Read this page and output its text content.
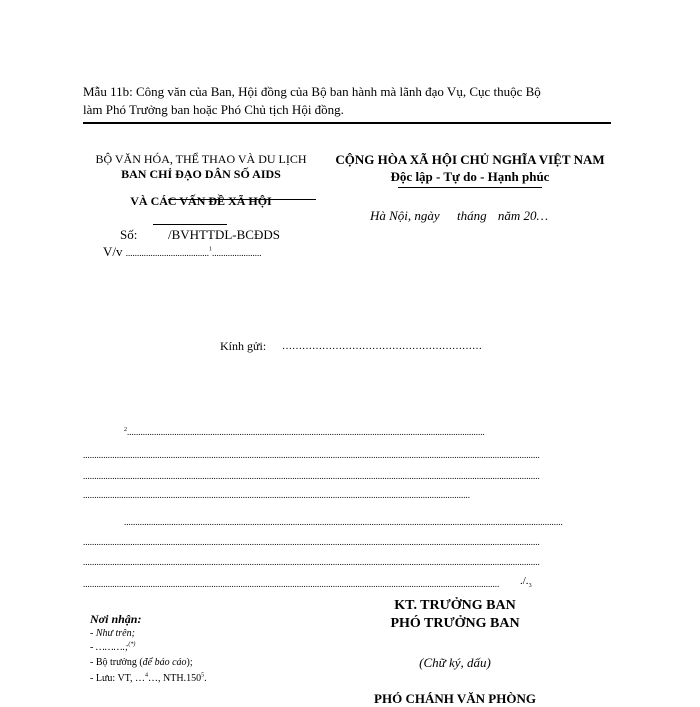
Mẫu 11b: Công văn của Ban, Hội đồng của Bộ ban hành mà lãnh đạo Vụ, Cục thuộc Bộ
làm Phó Trưởng ban hoặc Phó Chủ tịch Hội đồng.
BỘ VĂN HÓA, THỂ THAO VÀ DU LỊCH
BAN CHỈ ĐẠO DÂN SỐ AIDS
VÀ CÁC VẤN ĐỀ XÃ HỘI
Số: /BVHTTDL-BCĐDS
V/v .....................................$^1$......................
CỘNG HÒA XÃ HỘI CHỦ NGHĨA VIỆT NAM
Độc lập - Tự do - Hạnh phúc
Hà Nội, ngày tháng năm 20…
Kính gửi: ……………………………………………………
$^2$...............................................................................................................................................................
...........................................................................................................................................................................................................
...........................................................................................................................................................................................................
............................................................................................................................................................................
...................................................................................................................................................................................................
...........................................................................................................................................................................................................
...........................................................................................................................................................................................................
......................................................................................................................................................................................... $./._3$
Nơi nhận:
- Như trên;
- ……….;(*)
- Bộ trưởng (để báo cáo);
- Lưu: VT, …$^4$…, NTH.150$^5$.
KT. TRƯỞNG BAN
PHÓ TRƯỞNG BAN
(Chữ ký, dấu)
PHÓ CHÁNH VĂN PHÒNG
